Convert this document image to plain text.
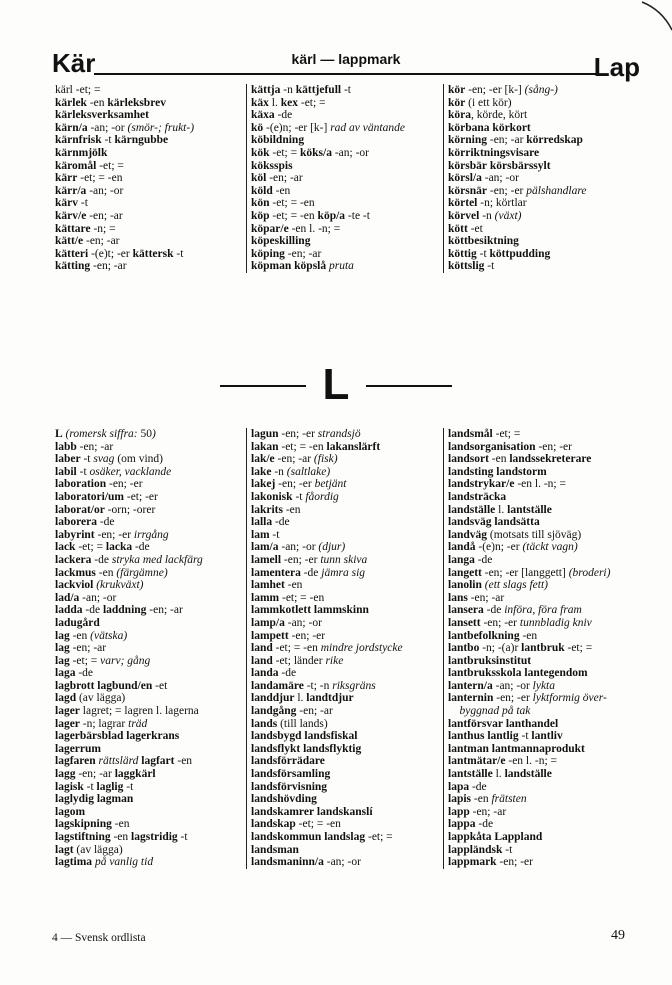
Kär	kärl — lappmark	Lap
kärl -et; =
kärlek -en kärleksbrev
kärleksverksamhet
kärn/a -an; -or (smör-; frukt-)
kärnfrisk -t kärngubbe
kärnmjölk
käromål -et; =
kärr -et; = -en
kärr/a -an; -or
kärv -t
kärv/e -en; -ar
kättare -n; =
kätt/e -en; -ar
kätteri -(e)t; -er kättersk -t
kätting -en; -ar
kättja -n kättjefull -t
käx l. kex -et; =
käxa -de
kö -(e)n; -er [k-] rad av väntande
köbildning
kök -et; = köks/a -an; -or
köksspis
köl -en; -ar
köld -en
kön -et; = -en
köp -et; = -en köp/a -te -t
köpar/e -en l. -n; =
köpeskilling
köping -en; -ar
köpman köpslå pruta
kör -en; -er [k-] (sång-)
kör (i ett kör)
köra, körde, kört
körbana körkort
körning -en; -ar körredskap
körriktningsvisare
körsbär körsbärssylt
körsl/a -an; -or
körsnär -en; -er pälshandlare
körtel -n; körtlar
körvel -n (växt)
kött -et
köttbesiktning
köttig -t köttpudding
köttslig -t
L
L (romersk siffra: 50)
labb -en; -ar
laber -t svag (om vind)
labil -t osäker, vacklande
laboration -en; -er
laboratori/um -et; -er
laborat/or -orn; -orer
laborera -de
labyrint -en; -er irrgång
lack -et; = lacka -de
lackera -de stryka med lackfärg
lackmus -en (färgämne)
lackviol (krukväxt)
lad/a -an; -or
ladda -de laddning -en; -ar
ladugård
lag -en (vätska)
lag -en; -ar
lag -et; = varv; gång
laga -de
lagbrott lagbund/en -et
lagd (av lägga)
lager lagret; = lagren l. lagerna
lager -n; lagrar träd
lagerbärsblad lagerkrans
lagerrum
lagfaren rättslärd lagfart -en
lagg -en; -ar laggkärl
lagisk -t laglig -t
laglydig lagman
lagom
lagskipning -en
lagstiftning -en lagstridig -t
lagt (av lägga)
lagtima på vanlig tid
lagun -en; -er strandsjö
lakan -et; = -en lakanslärft
lak/e -en; -ar (fisk)
lake -n (saltlake)
lakej -en; -er betjänt
lakonisk -t fåordig
lakrits -en
lalla -de
lam -t
lam/a -an; -or (djur)
lamell -en; -er tunn skiva
lamentera -de jämra sig
lamhet -en
lamm -et; = -en
lammkotlett lammskinn
lamp/a -an; -or
lampett -en; -er
land -et; = -en mindre jordstycke
land -et; länder rike
landa -de
landamäre -t; -n riksgräns
landdjur l. landtdjur
landgång -en; -ar
lands (till lands)
landsbygd landsfiskal
landsflykt landsflyktig
landsförrädare
landsförsamling
landsförvisning
landshövding
landskamrer landskanslí
landskap -et; = -en
landskommun landslag -et; =
landsman
landsmaninn/a -an; -or
landsmål -et; =
landsorganisation -en; -er
landsort -en landssekreterare
landsting landstorm
landstrykar/e -en l. -n; =
landsträcka
landställe l. lantställe
landsväg landsätta
landväg (motsats till sjöväg)
landå -(e)n; -er (täckt vagn)
langa -de
langett -en; -er [langgett] (broderi)
lanolin (ett slags fett)
lans -en; -ar
lansera -de införa, föra fram
lansett -en; -er tunnbladig kniv
lantbefolkning -en
lantbo -n; -(a)r lantbruk -et; =
lantbruksinstitut
lantbruksskola lantegendom
lantern/a -an; -or lykta
lanternin -en; -er lyktformig över-
byggnad på tak
lantförsvar lanthandel
lanthus lantlig -t lantliv
lantman lantmannaprodukt
lantmätar/e -en l. -n; =
lantställe l. landställe
lapa -de
lapis -en frätsten
lapp -en; -ar
lappa -de
lappkåta Lappland
lappländsk -t
lappmark -en; -er
4 — Svensk ordlista	49
